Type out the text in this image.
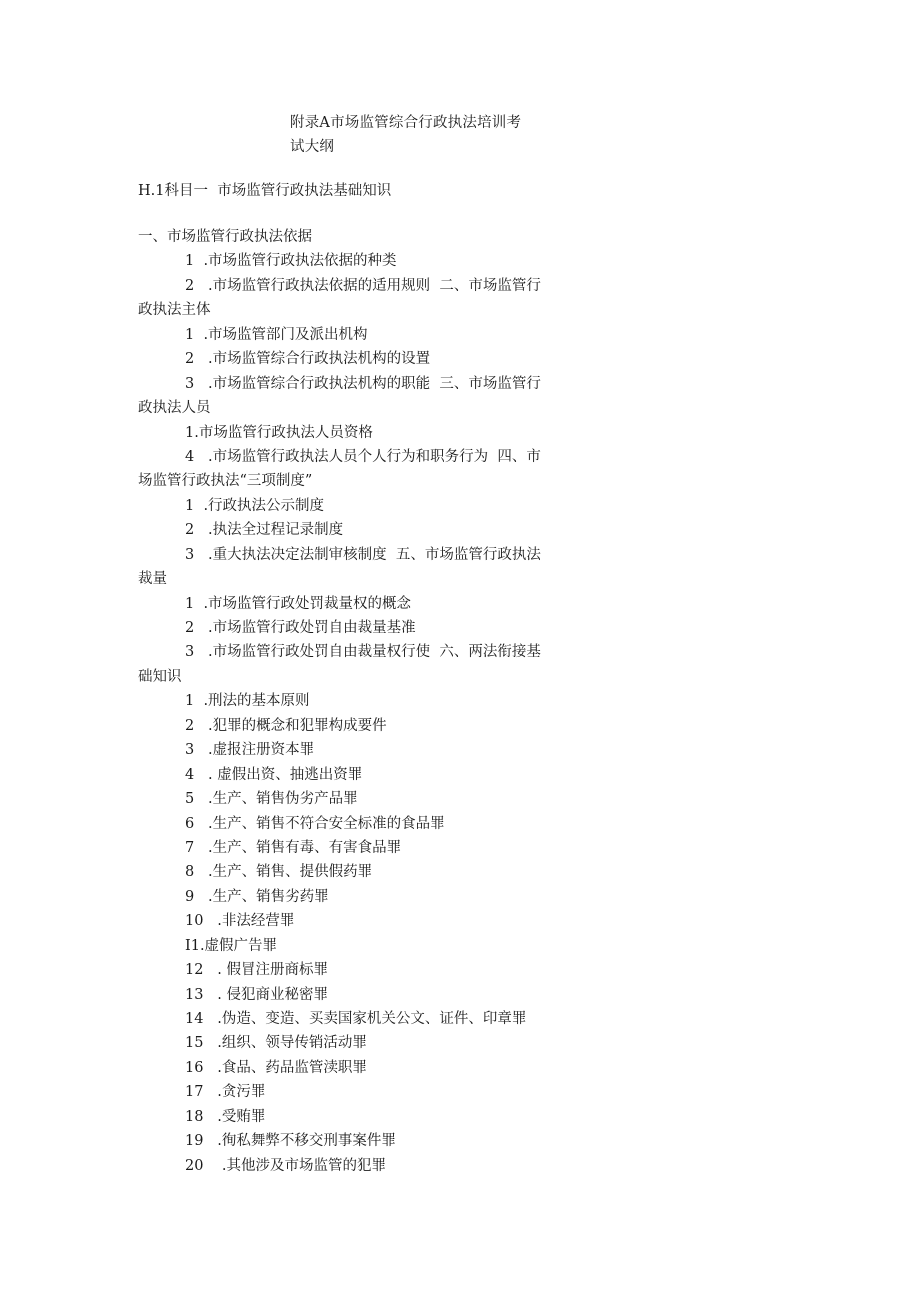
附录A市场监管综合行政执法培训考
试大纲
H.1科目一  市场监管行政执法基础知识
一、市场监管行政执法依据
1  .市场监管行政执法依据的种类
2   .市场监管行政执法依据的适用规则  二、市场监管行
政执法主体
1  .市场监管部门及派出机构
2   .市场监管综合行政执法机构的设置
3   .市场监管综合行政执法机构的职能  三、市场监管行
政执法人员
1.市场监管行政执法人员资格
4   .市场监管行政执法人员个人行为和职务行为  四、市
场监管行政执法“三项制度”
1  .行政执法公示制度
2   .执法全过程记录制度
3   .重大执法决定法制审核制度  五、市场监管行政执法
裁量
1  .市场监管行政处罚裁量权的概念
2   .市场监管行政处罚自由裁量基准
3   .市场监管行政处罚自由裁量权行使  六、两法衔接基
础知识
1  .刑法的基本原则
2   .犯罪的概念和犯罪构成要件
3   .虚报注册资本罪
4   . 虚假出资、抽逃出资罪
5   .生产、销售伪劣产品罪
6   .生产、销售不符合安全标准的食品罪
7   .生产、销售有毒、有害食品罪
8   .生产、销售、提供假药罪
9   .生产、销售劣药罪
10   .非法经营罪
I1.虚假广告罪
12   . 假冒注册商标罪
13   . 侵犯商业秘密罪
14   .伪造、变造、买卖国家机关公文、证件、印章罪
15   .组织、领导传销活动罪
16   .食品、药品监管渎职罪
17   .贪污罪
18   .受贿罪
19   .徇私舞弊不移交刑事案件罪
20    .其他涉及市场监管的犯罪
